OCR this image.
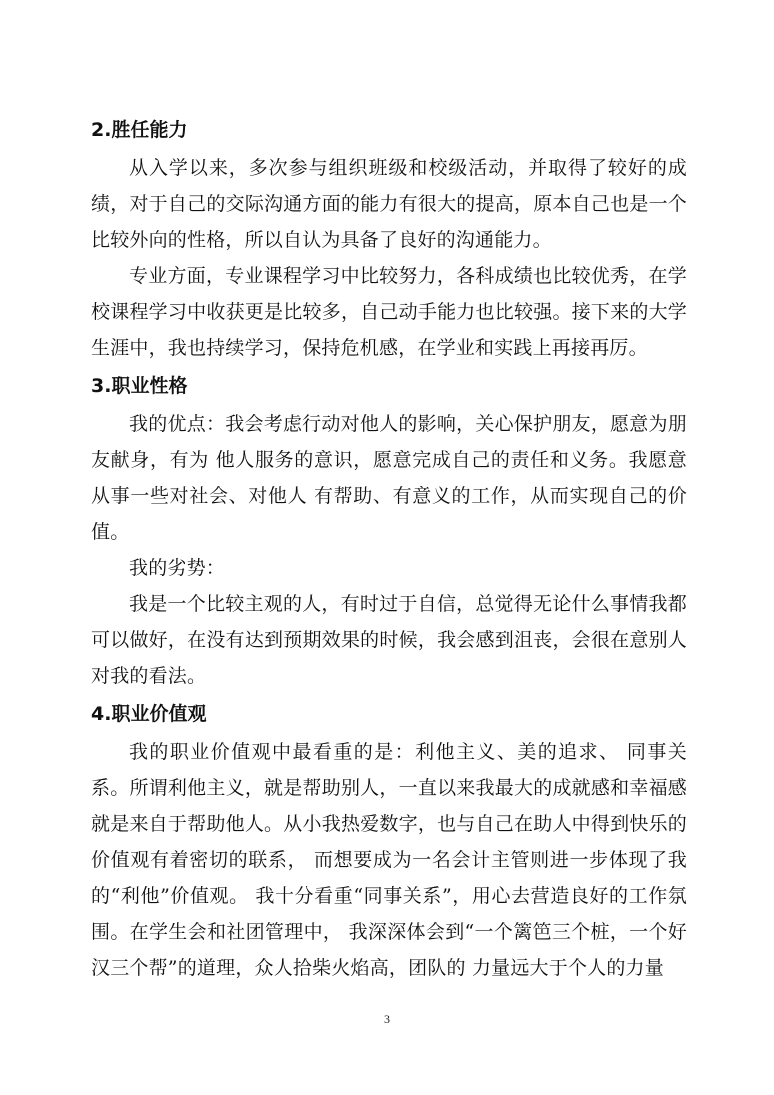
2.胜任能力

从入学以来，多次参与组织班级和校级活动，并取得了较好的成绩，对于自己的交际沟通方面的能力有很大的提高，原本自己也是一个比较外向的性格，所以自认为具备了良好的沟通能力。

专业方面，专业课程学习中比较努力，各科成绩也比较优秀，在学校课程学习中收获更是比较多，自己动手能力也比较强。接下来的大学生涯中，我也持续学习，保持危机感，在学业和实践上再接再厉。

3.职业性格

我的优点：我会考虑行动对他人的影响，关心保护朋友，愿意为朋友献身，有为 他人服务的意识，愿意完成自己的责任和义务。我愿意从事一些对社会、对他人 有帮助、有意义的工作，从而实现自己的价值。

我的劣势：

我是一个比较主观的人，有时过于自信，总觉得无论什么事情我都可以做好，在没有达到预期效果的时候，我会感到沮丧，会很在意别人对我的看法。

4.职业价值观

我的职业价值观中最看重的是：利他主义、美的追求、 同事关系。所谓利他主义，就是帮助别人，一直以来我最大的成就感和幸福感就是来自于帮助他人。从小我热爱数字，也与自己在助人中得到快乐的价值观有着密切的联系， 而想要成为一名会计主管则进一步体现了我的“利他”价值观。 我十分看重“同事关系”，用心去营造良好的工作氛围。在学生会和社团管理中， 我深深体会到“一个篱笆三个桩，一个好汉三个帮”的道理，众人拾柴火焰高，团队的 力量远大于个人的力量

3
